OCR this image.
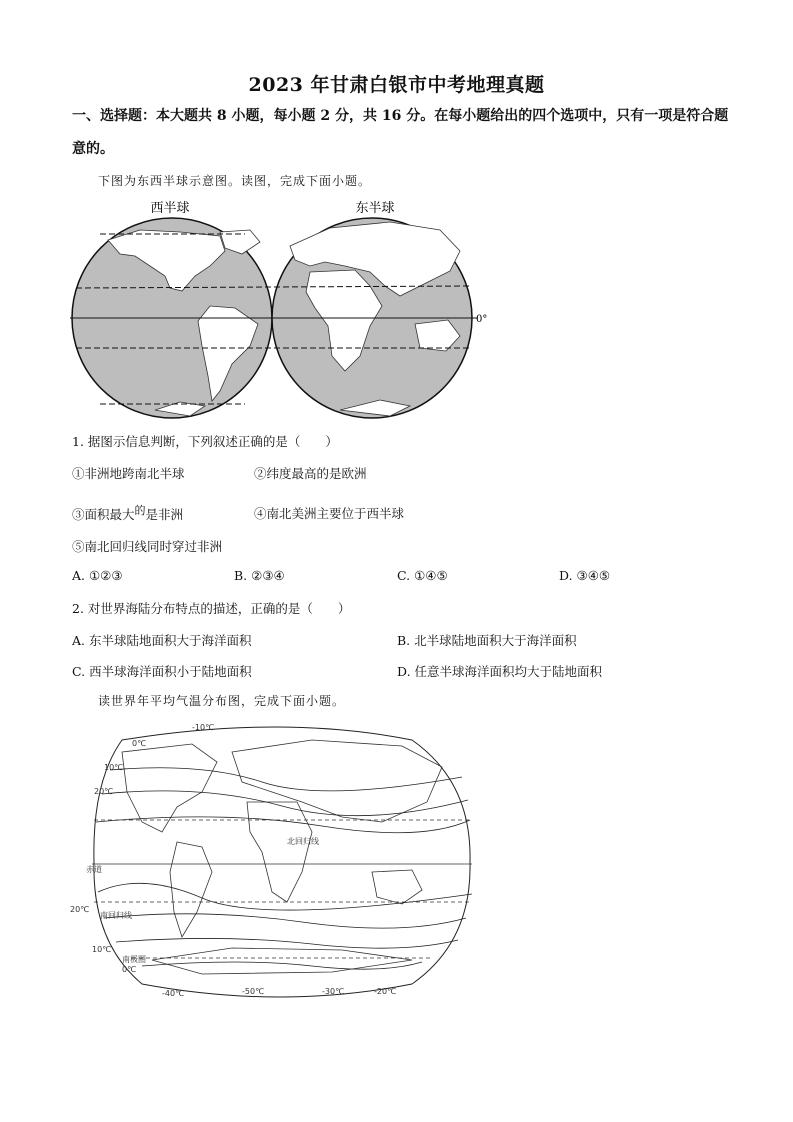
2023 年甘肃白银市中考地理真题
一、选择题：本大题共 8 小题，每小题 2 分，共 16 分。在每小题给出的四个选项中，只有一项是符合题意的。
下图为东西半球示意图。读图，完成下面小题。
西半球	东半球
0°
1. 据图示信息判断，下列叙述正确的是（　　）
①非洲地跨南北半球	②纬度最高的是欧洲
③面积最大$^的$是非洲	④南北美洲主要位于西半球
⑤南北回归线同时穿过非洲
A. ①②③	B. ②③④	C. ①④⑤	D. ③④⑤
2. 对世界海陆分布特点的描述，正确的是（　　）
A. 东半球陆地面积大于海洋面积	B. 北半球陆地面积大于海洋面积
C. 西半球海洋面积小于陆地面积	D. 任意半球海洋面积均大于陆地面积
读世界年平均气温分布图，完成下面小题。
-10℃
0℃
10℃
20℃
北回归线
赤道
20℃
南回归线
10℃
南极圈
0℃
-40℃	-50℃	-30℃	-20℃
